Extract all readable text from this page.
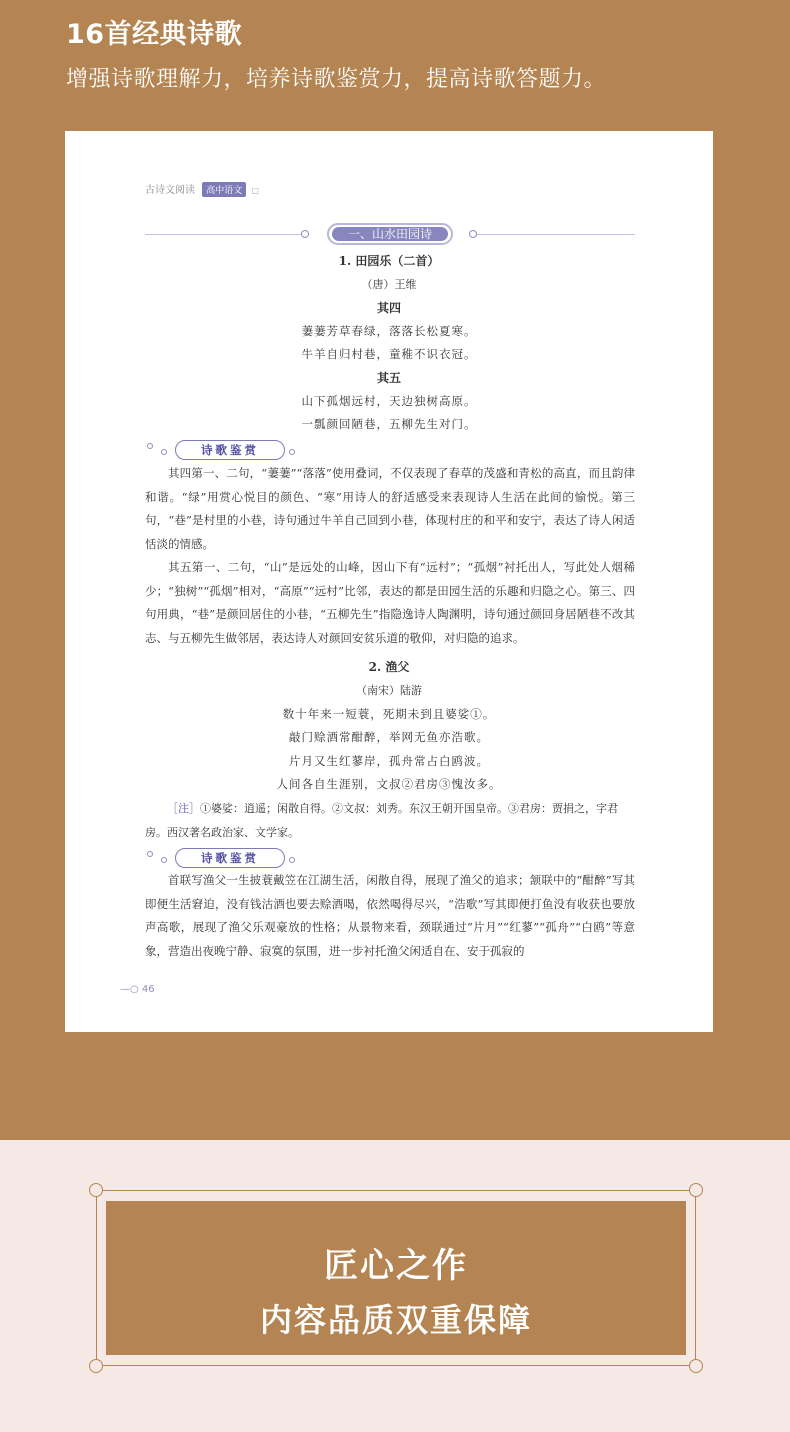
16首经典诗歌
增强诗歌理解力，培养诗歌鉴赏力，提高诗歌答题力。
古诗文阅读 高中语文 □
一、山水田园诗
1. 田园乐（二首）
（唐）王维
其四
萋萋芳草春绿，落落长松夏寒。
牛羊自归村巷，童稚不识衣冠。
其五
山下孤烟远村，天边独树高原。
一瓢颜回陋巷，五柳先生对门。
诗歌鉴赏
其四第一、二句，“萋萋”“落落”使用叠词，不仅表现了春草的茂盛和青松的高直，而且韵律和谐。“绿”用赏心悦目的颜色、“寒”用诗人的舒适感受来表现诗人生活在此间的愉悦。第三句，“巷”是村里的小巷，诗句通过牛羊自己回到小巷，体现村庄的和平和安宁，表达了诗人闲适恬淡的情感。
其五第一、二句，“山”是远处的山峰，因山下有“远村”；“孤烟”衬托出人，写此处人烟稀少；“独树”“孤烟”相对，“高原”“远村”比邻，表达的都是田园生活的乐趣和归隐之心。第三、四句用典，“巷”是颜回居住的小巷，“五柳先生”指隐逸诗人陶渊明，诗句通过颜回身居陋巷不改其志、与五柳先生做邻居，表达诗人对颜回安贫乐道的敬仰，对归隐的追求。
2. 渔父
（南宋）陆游
数十年来一短蓑，死期未到且婆娑①。
敲门赊酒常酣醉，举网无鱼亦浩歌。
片月又生红蓼岸，孤舟常占白鸥波。
人间各自生涯别，文叔②君房③愧汝多。
［注］①婆娑：逍遥；闲散自得。②文叔：刘秀。东汉王朝开国皇帝。③君房：贾捐之，字君房。西汉著名政治家、文学家。
诗歌鉴赏
首联写渔父一生披蓑戴笠在江湖生活，闲散自得，展现了渔父的追求；颔联中的“酣醉”写其即便生活窘迫，没有钱沽酒也要去赊酒喝，依然喝得尽兴，“浩歌”写其即便打鱼没有收获也要放声高歌，展现了渔父乐观豪放的性格；从景物来看，颈联通过“片月”“红蓼”“孤舟”“白鸥”等意象，营造出夜晚宁静、寂寞的氛围，进一步衬托渔父闲适自在、安于孤寂的
—○ 46
匠心之作
内容品质双重保障
